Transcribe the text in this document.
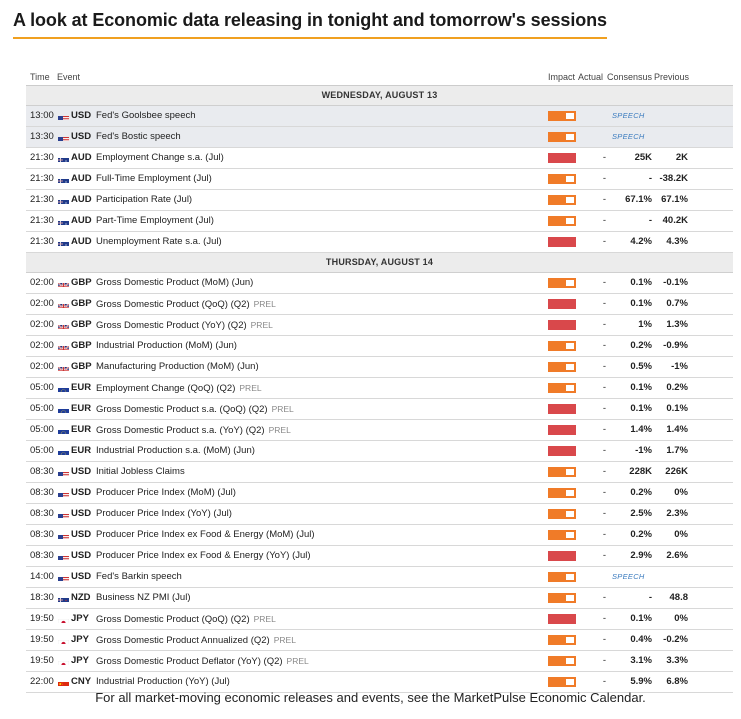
A look at Economic data releasing in tonight and tomorrow's sessions
Time Event	Impact Actual Consensus Previous
WEDNESDAY, AUGUST 13
13:00 USD Fed's Goolsbee speech	SPEECH
13:30 USD Fed's Bostic speech	SPEECH
21:30 AUD Employment Change s.a. (Jul)	-	25K	2K
21:30 AUD Full-Time Employment (Jul)	-	- -38.2K
21:30 AUD Participation Rate (Jul)	-	67.1% 67.1%
21:30 AUD Part-Time Employment (Jul)	-	-	40.2K
21:30 AUD Unemployment Rate s.a. (Jul)	-	4.2%	4.3%
THURSDAY, AUGUST 14
02:00 GBP Gross Domestic Product (MoM) (Jun)	-	0.1%	-0.1%
02:00 GBP Gross Domestic Product (QoQ) (Q2) PREL	-	0.1%	0.7%
02:00 GBP Gross Domestic Product (YoY) (Q2) PREL	-	1%	1.3%
02:00 GBP Industrial Production (MoM) (Jun)	-	0.2%	-0.9%
02:00 GBP Manufacturing Production (MoM) (Jun)	-	0.5%	-1%
05:00 EUR Employment Change (QoQ) (Q2) PREL	-	0.1%	0.2%
05:00 EUR Gross Domestic Product s.a. (QoQ) (Q2) PREL	-	0.1%	0.1%
05:00 EUR Gross Domestic Product s.a. (YoY) (Q2) PREL	-	1.4%	1.4%
05:00 EUR Industrial Production s.a. (MoM) (Jun)	-	-1%	1.7%
08:30 USD Initial Jobless Claims	-	228K	226K
08:30 USD Producer Price Index (MoM) (Jul)	-	0.2%	0%
08:30 USD Producer Price Index (YoY) (Jul)	-	2.5%	2.3%
08:30 USD Producer Price Index ex Food & Energy (MoM) (Jul)	-	0.2%	0%
08:30 USD Producer Price Index ex Food & Energy (YoY) (Jul)	-	2.9%	2.6%
14:00 USD Fed's Barkin speech	SPEECH
18:30 NZD Business NZ PMI (Jul)	-	-	48.8
19:50 JPY Gross Domestic Product (QoQ) (Q2) PREL	-	0.1%	0%
19:50 JPY Gross Domestic Product Annualized (Q2) PREL	-	0.4%	-0.2%
19:50 JPY Gross Domestic Product Deflator (YoY) (Q2) PREL	-	3.1%	3.3%
22:00 CNY Industrial Production (YoY) (Jul)	-	5.9%	6.8%
For all market-moving economic releases and events, see the MarketPulse Economic Calendar.
